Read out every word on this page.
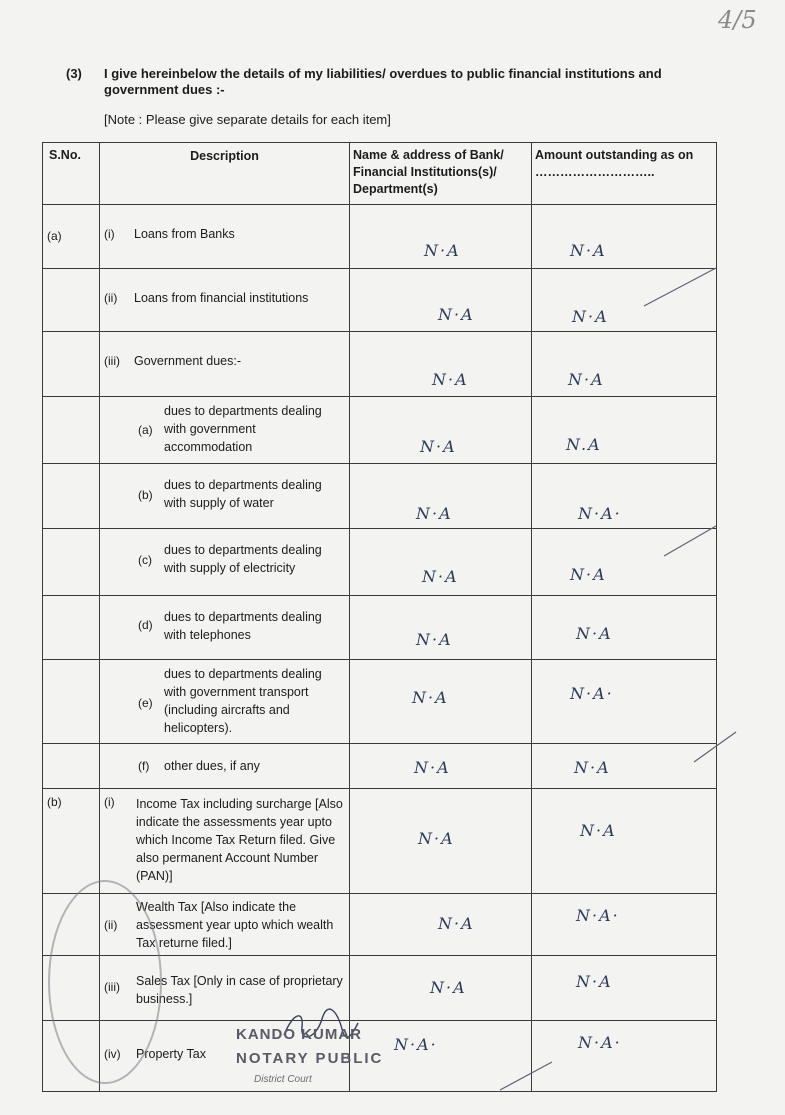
4/5
(3) I give hereinbelow the details of my liabilities/ overdues to public financial institutions and government dues :-
[Note : Please give separate details for each item]
S.No.	Description	Name & address of Bank/ Financial Institutions(s)/ Department(s)	Amount outstanding as on ………………………..

(a)	(i) Loans from Banks	N·A	N·A

	(ii) Loans from financial institutions	N·A	N·A

	(iii) Government dues:-	N·A	N·A

	(a)
dues to departments dealing with government accommodation	N·A	N.A

	(b)
dues to departments dealing with supply of water	N·A	N·A·

	(c)
dues to departments dealing with supply of electricity	N·A	N·A

	(d)
dues to departments dealing with telephones	N·A	N·A

	(e)
dues to departments dealing with government transport (including aircrafts and helicopters).	N·A	N·A·

	(f) other dues, if any	N·A	N·A

(b)	(i) Income Tax including surcharge [Also indicate the assessments year upto which Income Tax Return filed. Give also permanent Account Number (PAN)]	N·A	N·A

	(ii)
Wealth Tax [Also indicate the assessment year upto which wealth Tax returne filed.]	N·A	N·A·

	(iii) Sales Tax [Only in case of proprietary business.]	N·A	N·A

	(iv) Property Tax	N·A·	N·A·
KANDO KUMAR
NOTARY PUBLIC
District Court
